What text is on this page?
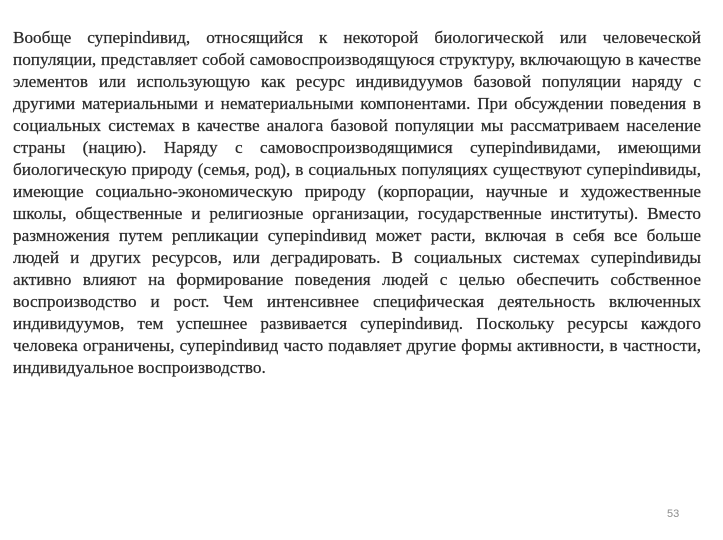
Вообще суперindивид, относящийся к некоторой биологической или человеческой
популяции, представляет собой самовоспроизводящуюся структуру, включающую в качестве
элементов или использующую как ресурс индивидуумов базовой популяции наряду с
другими материальными и нематериальными компонентами. При обсуждении поведения в
социальных системах в качестве аналога базовой популяции мы рассматриваем население
страны (нацию). Наряду с самовоспроизводящимися суперindивидами, имеющими
биологическую природу (семья, род), в социальных популяциях существуют суперindивиды,
имеющие социально-экономическую природу (корпорации, научные и художественные
школы, общественные и религиозные организации, государственные институты). Вместо
размножения путем репликации суперindивид может расти, включая в себя все больше
людей и других ресурсов, или деградировать. В социальных системах суперindивиды
активно влияют на формирование поведения людей с целью обеспечить собственное
воспроизводство и рост. Чем интенсивнее специфическая деятельность включенных
индивидуумов, тем успешнее развивается суперindивид. Поскольку ресурсы каждого
человека ограничены, суперindивид часто подавляет другие формы активности, в частности,
индивидуальное воспроизводство.
53
